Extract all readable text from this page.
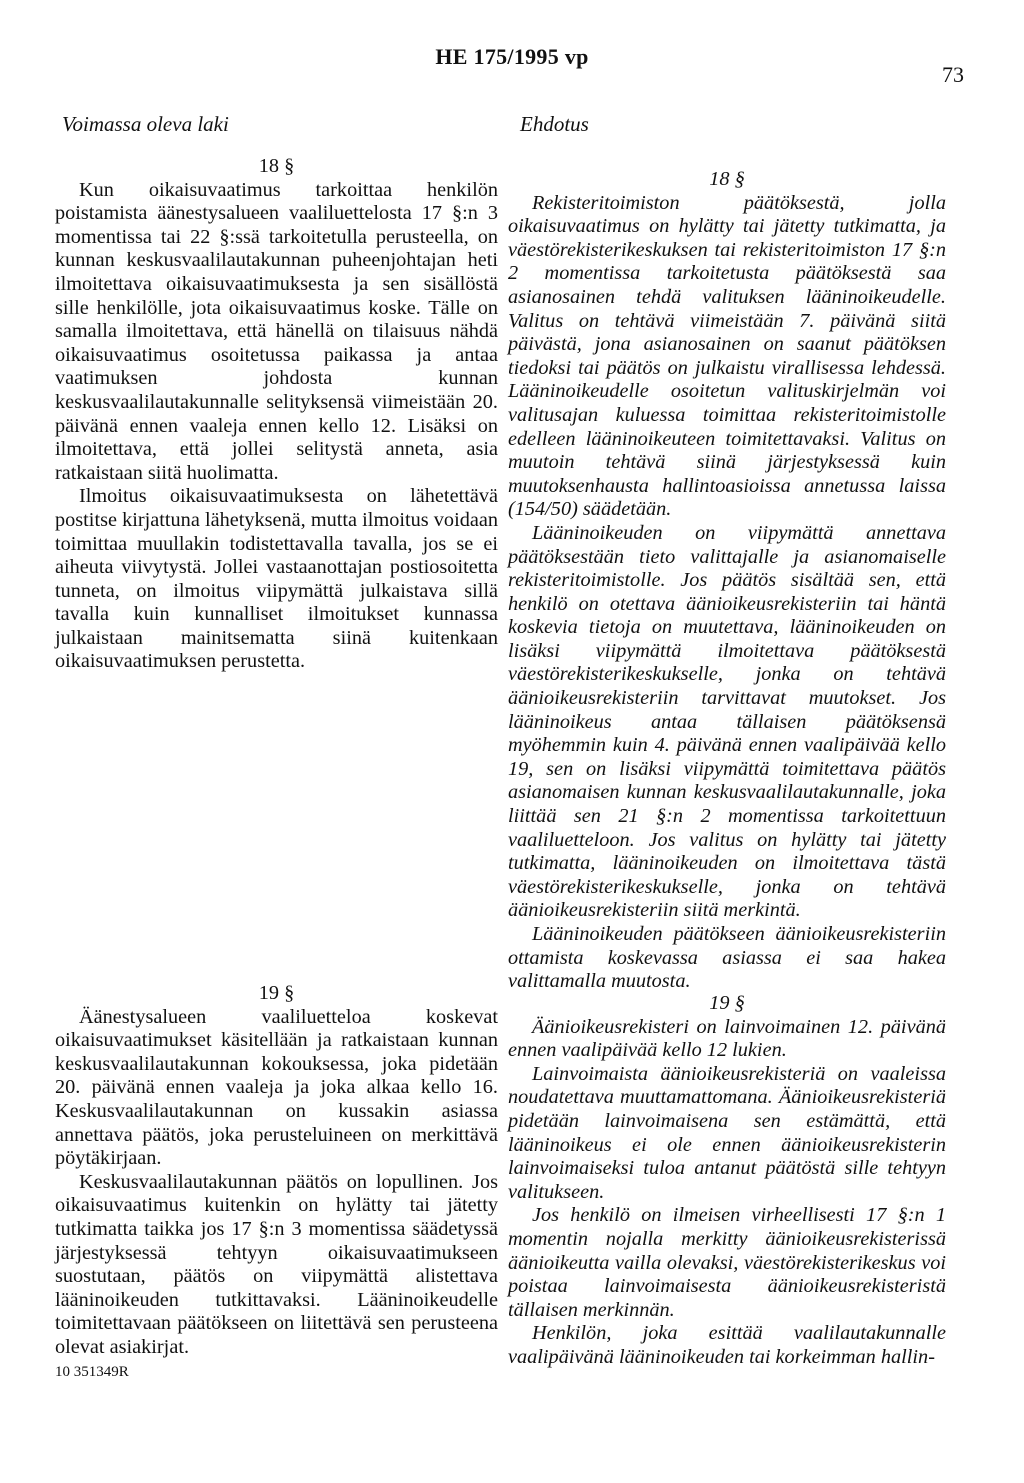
HE 175/1995 vp
73
Voimassa oleva laki	Ehdotus
18 §

Kun oikaisuvaatimus tarkoittaa henkilön poistamista äänestysalueen vaaliluettelosta 17 §:n 3 momentissa tai 22 §:ssä tarkoitetulla perusteella, on kunnan keskusvaalilautakunnan puheenjohtajan heti ilmoitettava oikaisuvaatimuksesta ja sen sisällöstä sille henkilölle, jota oikaisuvaatimus koske. Tälle on samalla ilmoitettava, että hänellä on tilaisuus nähdä oikaisuvaatimus osoitetussa paikassa ja antaa vaatimuksen johdosta kunnan keskusvaalilautakunnalle selityksensä viimeistään 20. päivänä ennen vaaleja ennen kello 12. Lisäksi on ilmoitettava, että jollei selitystä anneta, asia ratkaistaan siitä huolimatta.

Ilmoitus oikaisuvaatimuksesta on lähetettävä postitse kirjattuna lähetyksenä, mutta ilmoitus voidaan toimittaa muullakin todistettavalla tavalla, jos se ei aiheuta viivytystä. Jollei vastaanottajan postiosoitetta tunneta, on ilmoitus viipymättä julkaistava sillä tavalla kuin kunnalliset ilmoitukset kunnassa julkaistaan mainitsematta siinä kuitenkaan oikaisuvaatimuksen perustetta.

19 §

Äänestysalueen vaaliluetteloa koskevat oikaisuvaatimukset käsitellään ja ratkaistaan kunnan keskusvaalilautakunnan kokouksessa, joka pidetään 20. päivänä ennen vaaleja ja joka alkaa kello 16. Keskusvaalilautakunnan on kussakin asiassa annettava päätös, joka perusteluineen on merkittävä pöytäkirjaan.

Keskusvaalilautakunnan päätös on lopullinen. Jos oikaisuvaatimus kuitenkin on hylätty tai jätetty tutkimatta taikka jos 17 §:n 3 momentissa säädetyssä järjestyksessä tehtyyn oikaisuvaatimukseen suostutaan, päätös on viipymättä alistettava lääninoikeuden tutkittavaksi. Lääninoikeudelle toimitettavaan päätökseen on liitettävä sen perusteena olevat asiakirjat.

18 §

Rekisteritoimiston päätöksestä, jolla oikaisuvaatimus on hylätty tai jätetty tutkimatta, ja väestörekisterikeskuksen tai rekisteritoimiston 17 §:n 2 momentissa tarkoitetusta päätöksestä saa asianosainen tehdä valituksen lääninoikeudelle. Valitus on tehtävä viimeistään 7. päivänä siitä päivästä, jona asianosainen on saanut päätöksen tiedoksi tai päätös on julkaistu virallisessa lehdessä. Lääninoikeudelle osoitetun valituskirjelmän voi valitusajan kuluessa toimittaa rekisteritoimistolle edelleen lääninoikeuteen toimitettavaksi. Valitus on muutoin tehtävä siinä järjestyksessä kuin muutoksenhausta hallintoasioissa annetussa laissa (154/50) säädetään.

Lääninoikeuden on viipymättä annettava päätöksestään tieto valittajalle ja asianomaiselle rekisteritoimistolle. Jos päätös sisältää sen, että henkilö on otettava äänioikeusrekisteriin tai häntä koskevia tietoja on muutettava, lääninoikeuden on lisäksi viipymättä ilmoitettava päätöksestä väestörekisterikeskukselle, jonka on tehtävä äänioikeusrekisteriin tarvittavat muutokset. Jos lääninoikeus antaa tällaisen päätöksensä myöhemmin kuin 4. päivänä ennen vaalipäivää kello 19, sen on lisäksi viipymättä toimitettava päätös asianomaisen kunnan keskusvaalilautakunnalle, joka liittää sen 21 §:n 2 momentissa tarkoitettuun vaaliluetteloon. Jos valitus on hylätty tai jätetty tutkimatta, lääninoikeuden on ilmoitettava tästä väestörekisterikeskukselle, jonka on tehtävä äänioikeusrekisteriin siitä merkintä.

Lääninoikeuden päätökseen äänioikeusrekisteriin ottamista koskevassa asiassa ei saa hakea valittamalla muutosta.

19 §

Äänioikeusrekisteri on lainvoimainen 12. päivänä ennen vaalipäivää kello 12 lukien.

Lainvoimaista äänioikeusrekisteriä on vaaleissa noudatettava muuttamattomana. Äänioikeusrekisteriä pidetään lainvoimaisena sen estämättä, että lääninoikeus ei ole ennen äänioikeusrekisterin lainvoimaiseksi tuloa antanut päätöstä sille tehtyyn valitukseen.

Jos henkilö on ilmeisen virheellisesti 17 §:n 1 momentin nojalla merkitty äänioikeusrekisterissä äänioikeutta vailla olevaksi, väestörekisterikeskus voi poistaa lainvoimaisesta äänioikeusrekisteristä tällaisen merkinnän.

Henkilön, joka esittää vaalilautakunnalle vaalipäivänä lääninoikeuden tai korkeimman hallin-

10 351349R
